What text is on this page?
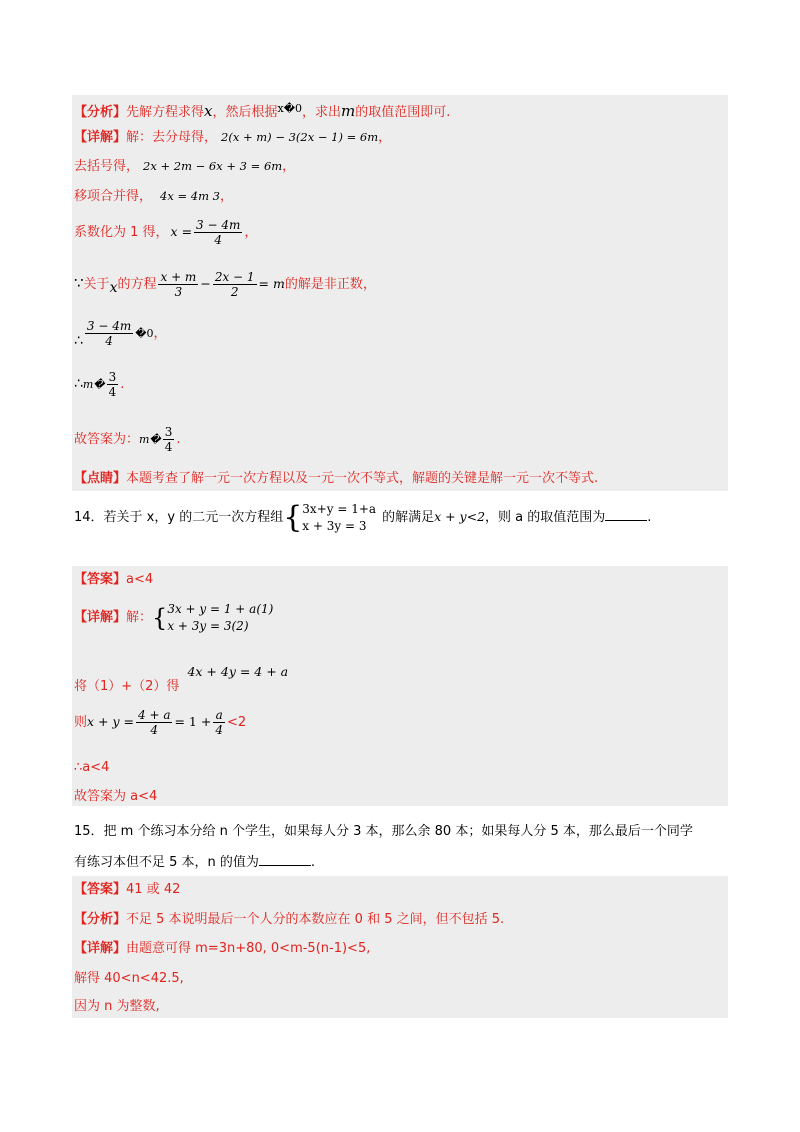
【分析】先解方程求得x，然后根据$^{x�0}$，求出m的取值范围即可.
【详解】解：去分母得， 2(x + m) − 3(2x − 1) = 6m，
去括号得， 2x + 2m − 6x + 3 = 6m，
移项合并得， 4x = 4m 3，
系数化为 1 得， $x = \frac{3 - 4m}{4}$ ，
∵关于x的方程 $\frac{x + m}{3} - \frac{2x - 1}{2} = m$的解是非正数，
∴ $\frac{3 - 4m}{4}$ �0，
∴m� $\frac{3}{4}$ .
故答案为：m� $\frac{3}{4}$ .
【点睛】本题考查了解一元一次方程以及一元一次不等式，解题的关键是解一元一次不等式.
14．若关于 x，y 的二元一次方程组{ 3x+y = 1+a
x + 3y = 3
的解满足x + y<2，则 a 的取值范围为	.
【答案】a<4
【详解】解：{ 3x + y = 1 + a(1)
x + 3y = 3(2)
将（1）+（2）得4x + 4y = 4 + a
则$x + y = \frac{4 + a}{4} = 1 + \frac{a}{4} <2$
∴a<4
故答案为 a<4
15．把 m 个练习本分给 n 个学生，如果每人分 3 本，那么余 80 本；如果每人分 5 本，那么最后一个同学
有练习本但不足 5 本，n 的值为	.
【答案】41 或 42
【分析】不足 5 本说明最后一个人分的本数应在 0 和 5 之间，但不包括 5.
【详解】由题意可得 m=3n+80, 0<m-5(n-1)<5,
解得 40<n<42.5,
因为 n 为整数,
